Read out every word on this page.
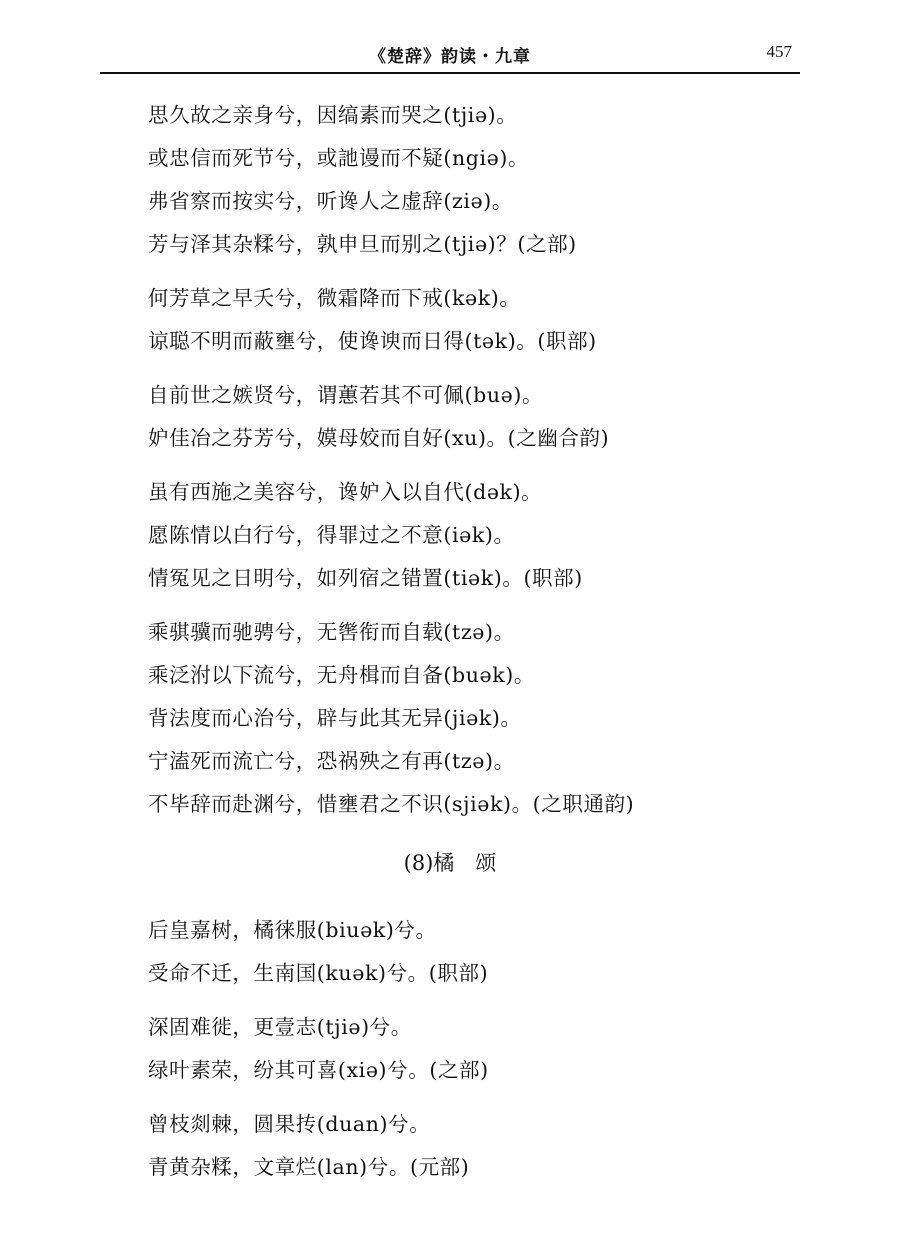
《楚辞》韵读・九章	457
思久故之亲身兮，因缟素而哭之(tjiə)。
或忠信而死节兮，或訑谩而不疑(ngiə)。
弗省察而按实兮，听谗人之虚辞(ziə)。
芳与泽其杂糅兮，孰申旦而别之(tjiə)？(之部)
何芳草之早夭兮，微霜降而下戒(kək)。
谅聪不明而蔽壅兮，使谗谀而日得(tək)。(职部)
自前世之嫉贤兮，谓蕙若其不可佩(buə)。
妒佳冶之芬芳兮，嫫母姣而自好(xu)。(之幽合韵)
虽有西施之美容兮，谗妒入以自代(dək)。
愿陈情以白行兮，得罪过之不意(iək)。
情冤见之日明兮，如列宿之错置(tiək)。(职部)
乘骐骥而驰骋兮，无辔衔而自载(tzə)。
乘泛泭以下流兮，无舟楫而自备(buək)。
背法度而心治兮，辟与此其无异(jiək)。
宁溘死而流亡兮，恐祸殃之有再(tzə)。
不毕辞而赴渊兮，惜壅君之不识(sjiək)。(之职通韵)
(8)橘　颂
后皇嘉树，橘徕服(biuək)兮。
受命不迁，生南国(kuək)兮。(职部)
深固难徙，更壹志(tjiə)兮。
绿叶素荣，纷其可喜(xiə)兮。(之部)
曾枝剡棘，圆果抟(duan)兮。
青黄杂糅，文章烂(lan)兮。(元部)
